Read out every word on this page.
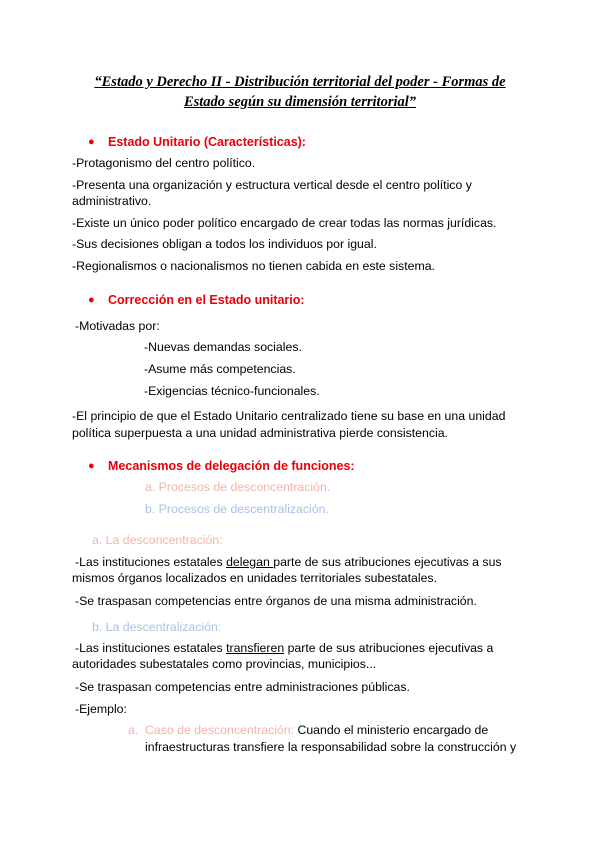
“Estado y Derecho II - Distribución territorial del poder - Formas de
Estado según su dimensión territorial”
● Estado Unitario (Características):
-Protagonismo del centro político.
-Presenta una organización y estructura vertical desde el centro político y
administrativo.
-Existe un único poder político encargado de crear todas las normas jurídicas.
-Sus decisiones obligan a todos los individuos por igual.
-Regionalismos o nacionalismos no tienen cabida en este sistema.
● Corrección en el Estado unitario:
-Motivadas por:
-Nuevas demandas sociales.
-Asume más competencias.
-Exigencias técnico-funcionales.
-El principio de que el Estado Unitario centralizado tiene su base en una unidad
política superpuesta a una unidad administrativa pierde consistencia.
● Mecanismos de delegación de funciones:
a. Procesos de desconcentración.
b. Procesos de descentralización.
a. La desconcentración:
-Las instituciones estatales delegan parte de sus atribuciones ejecutivas a sus
mismos órganos localizados en unidades territoriales subestatales.
-Se traspasan competencias entre órganos de una misma administración.
b. La descentralización:
-Las instituciones estatales transfieren parte de sus atribuciones ejecutivas a
autoridades subestatales como provincias, municipios...
-Se traspasan competencias entre administraciones públicas.
-Ejemplo:
a. Caso de desconcentración: Cuando el ministerio encargado de
infraestructuras transfiere la responsabilidad sobre la construcción y
